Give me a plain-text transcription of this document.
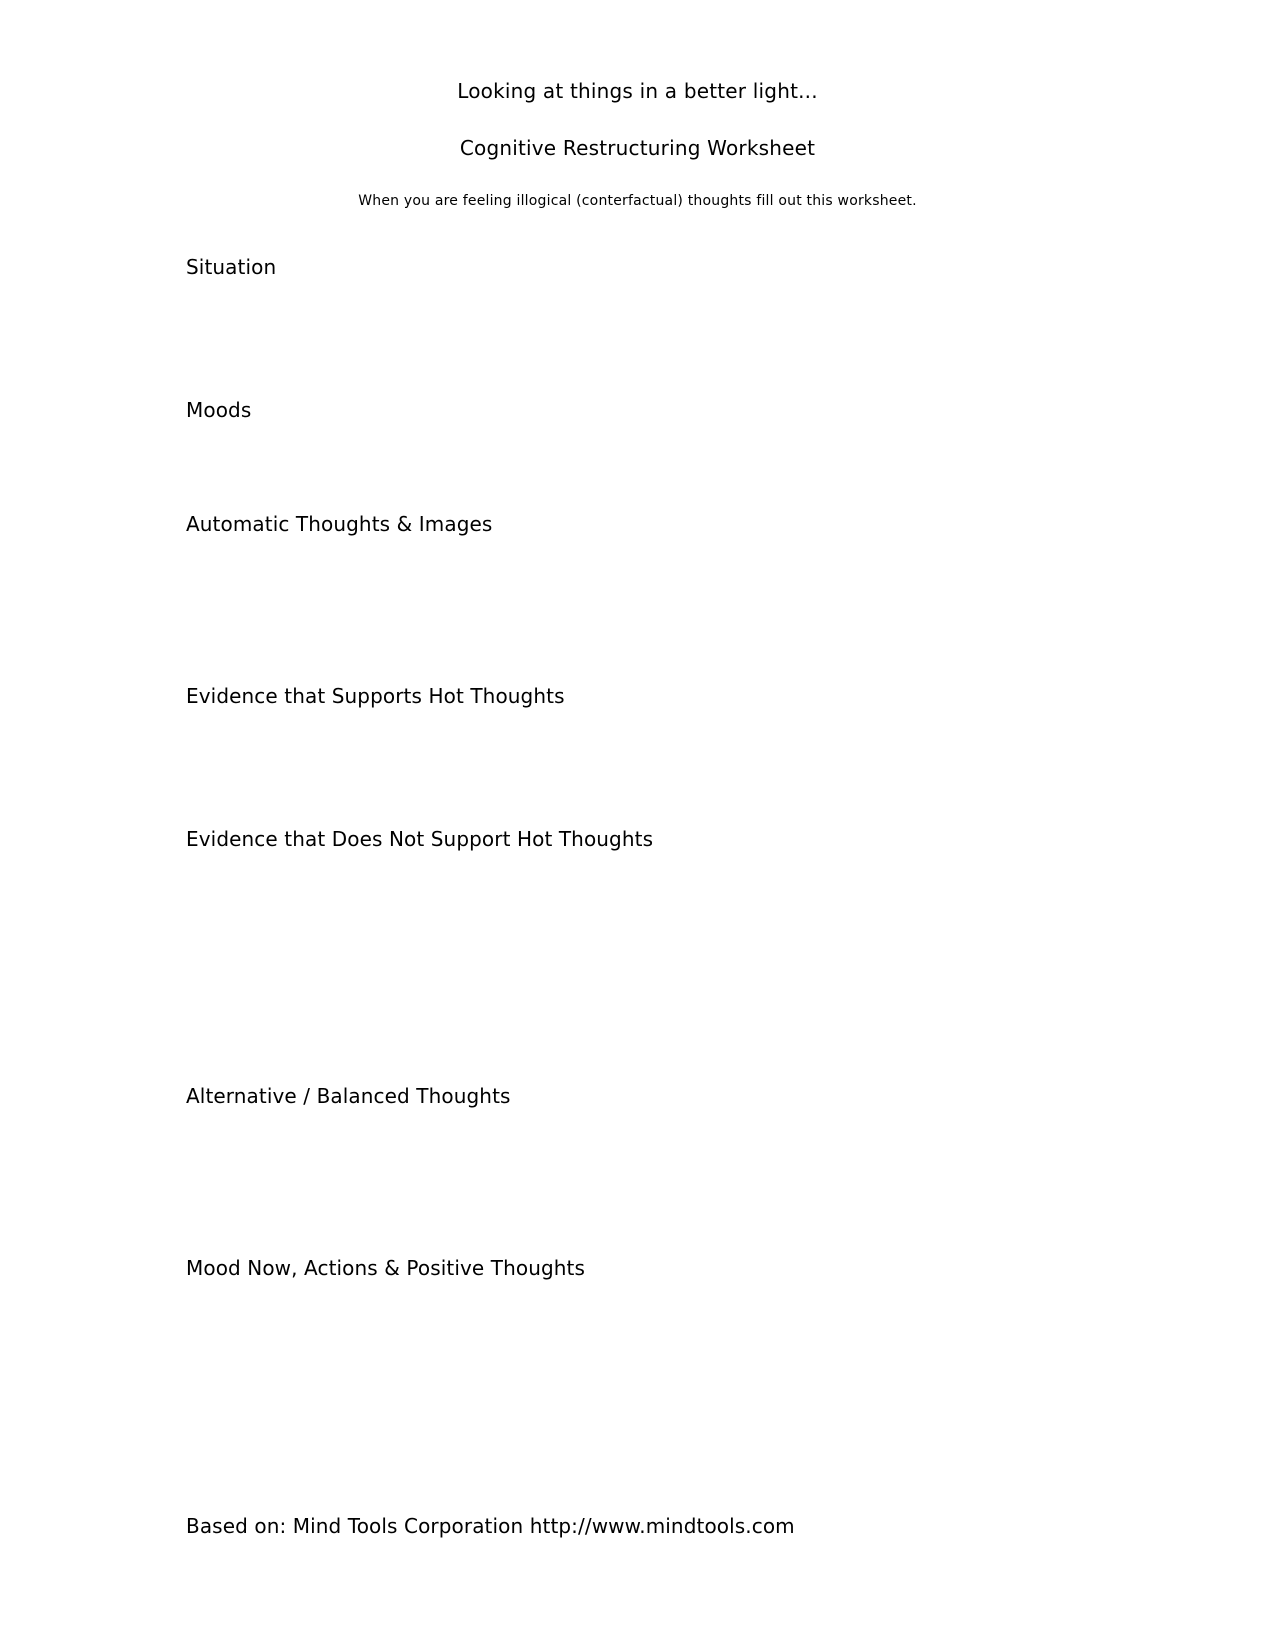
Looking at things in a better light...
Cognitive Restructuring Worksheet
When you are feeling illogical (conterfactual) thoughts fill out this worksheet.
Situation
Moods
Automatic Thoughts & Images
Evidence that Supports Hot Thoughts
Evidence that Does Not Support Hot Thoughts
Alternative / Balanced Thoughts
Mood Now, Actions & Positive Thoughts
Based on: Mind Tools Corporation http://www.mindtools.com
